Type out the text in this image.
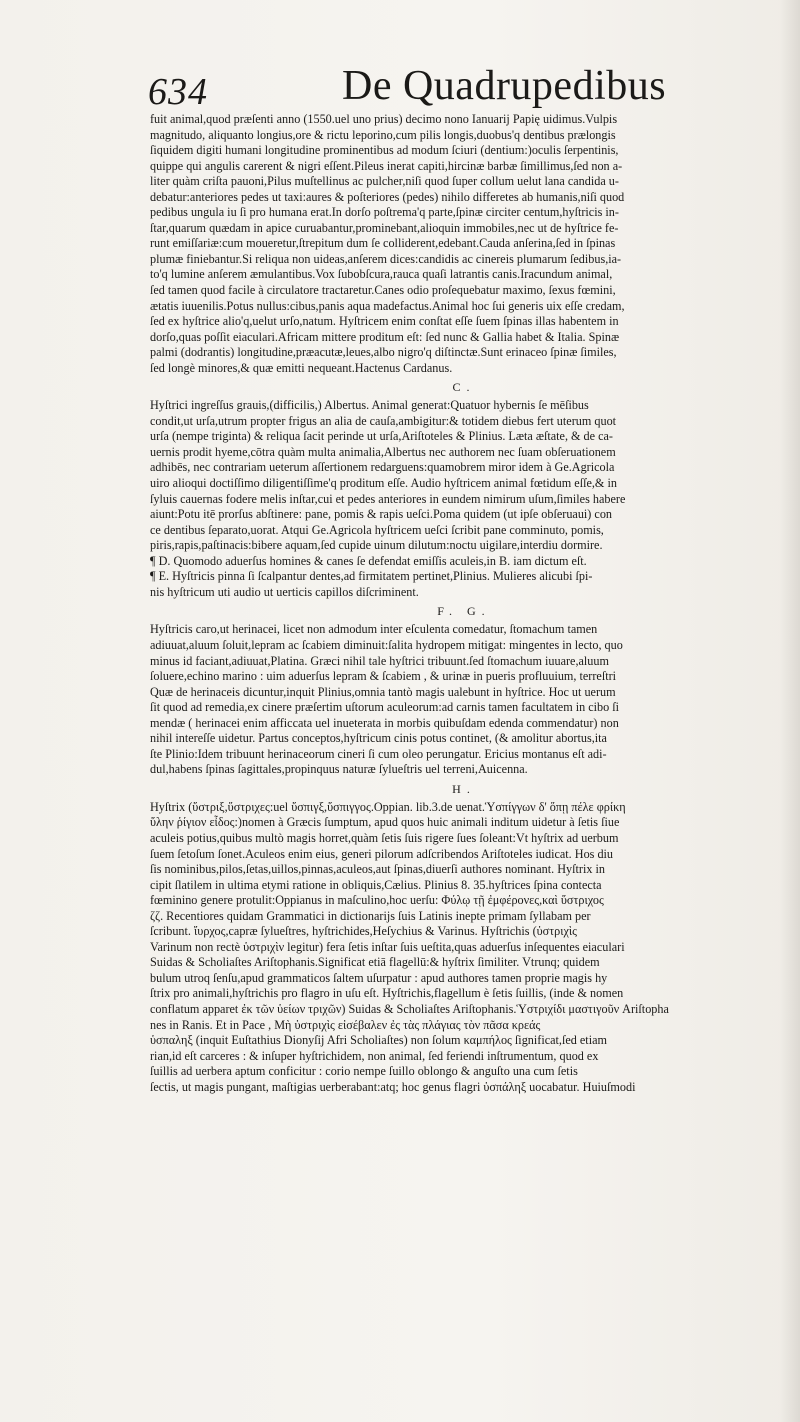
634	De Quadrupedibus
fuit animal,quod præſenti anno (1550.uel uno prius) decimo nono Ianuarij Papię uidimus.Vulpis
magnitudo, aliquanto longius,ore & rictu leporino,cum pilis longis,duobus'q dentibus prælongis
ſiquidem digiti humani longitudine prominentibus ad modum ſciuri (dentium:)oculis ſerpentinis,
quippe qui angulis carerent & nigri eſſent.Pileus inerat capiti,hircinæ barbæ ſimillimus,ſed non a-
liter quàm criſta pauoni,Pilus muſtellinus ac pulcher,niſi quod ſuper collum uelut lana candida u-
debatur:anteriores pedes ut taxi:aures & poſteriores (pedes) nihilo differetes ab humanis,niſi quod
pedibus ungula iu ſi pro humana erat.In dorſo poſtrema'q parte,ſpinæ circiter centum,hyſtricis in-
ſtar,quarum quædam in apice curuabantur,prominebant,alioquin immobiles,nec ut de hyſtrice fe-
runt emiſſariæ:cum moueretur,ſtrepitum dum ſe colliderent,edebant.Cauda anſerina,ſed in ſpinas
plumæ finiebantur.Si reliqua non uideas,anſerem dices:candidis ac cinereis plumarum ſedibus,ia-
to'q lumine anſerem æmulantibus.Vox ſubobſcura,rauca quaſi latrantis canis.Iracundum animal,
ſed tamen quod facile à circulatore tractaretur.Canes odio proſequebatur maximo, ſexus fœmini,
ætatis iuuenilis.Potus nullus:cibus,panis aqua madefactus.Animal hoc ſui generis uix eſſe credam,
ſed ex hyſtrice alio'q,uelut urſo,natum. Hyſtricem enim conſtat eſſe ſuem ſpinas illas habentem in
dorſo,quas poſſit eiaculari.Africam mittere proditum eſt: ſed nunc & Gallia habet & Italia. Spinæ
palmi (dodrantis) longitudine,præacutæ,leues,albo nigro'q diſtinctæ.Sunt erinaceo ſpinæ ſimiles,
ſed longè minores,& quæ emitti nequeant.Hactenus Cardanus.
C.
Hyſtrici ingreſſus grauis,(difficilis,) Albertus. Animal generat:Quatuor hybernis ſe mēſibus
condit,ut urſa,utrum propter frigus an alia de cauſa,ambigitur:& totidem diebus fert uterum quot
urſa (nempe triginta) & reliqua ſacit perinde ut urſa,Ariſtoteles & Plinius. Læta æſtate, & de ca-
uernis prodit hyeme,cōtra quàm multa animalia,Albertus nec authorem nec ſuam obſeruationem
adhibēs, nec contrariam ueterum aſſertionem redarguens:quamobrem miror idem à Ge.Agricola
uiro alioqui doctiſſimo diligentiſſime'q proditum eſſe. Audio hyſtricem animal fœtidum eſſe,& in
ſyluis cauernas fodere melis inſtar,cui et pedes anteriores in eundem nimirum uſum,ſimiles habere
aiunt:Potu itē prorſus abſtinere: pane, pomis & rapis ueſci.Poma quidem (ut ipſe obſeruaui) con
ce dentibus ſeparato,uorat. Atqui Ge.Agricola hyſtricem ueſci ſcribit pane comminuto, pomis,
piris,rapis,paſtinacis:bibere aquam,ſed cupide uinum dilutum:noctu uigilare,interdiu dormire.
¶ D. Quomodo aduerſus homines & canes ſe defendat emiſſis aculeis,in B. iam dictum eſt.
¶ E. Hyſtricis pinna ſi ſcalpantur dentes,ad firmitatem pertinet,Plinius. Mulieres alicubi ſpi-
nis hyſtricum uti audio ut uerticis capillos diſcriminent.
F. G.
Hyſtricis caro,ut herinacei, licet non admodum inter eſculenta comedatur, ſtomachum tamen
adiuuat,aluum ſoluit,lepram ac ſcabiem diminuit:ſalita hydropem mitigat: mingentes in lecto, quo
minus id faciant,adiuuat,Platina. Græci nihil tale hyſtrici tribuunt.ſed ſtomachum iuuare,aluum
ſoluere,echino marino : uim aduerſus lepram & ſcabiem , & urinæ in pueris profluuium, terreſtri
Quæ de herinaceis dicuntur,inquit Plinius,omnia tantò magis ualebunt in hyſtrice. Hoc ut uerum
ſit quod ad remedia,ex cinere præſertim uſtorum aculeorum:ad carnis tamen facultatem in cibo ſi
mendæ ( herinacei enim afficcata uel inueterata in morbis quibuſdam edenda commendatur) non
nihil intereſſe uidetur. Partus conceptos,hyſtricum cinis potus continet, (& amolitur abortus,ita
ſte Plinio:Idem tribuunt herinaceorum cineri ſi cum oleo perungatur. Ericius montanus eſt adi-
dul,habens ſpinas ſagittales,propinquus naturæ ſylueſtris uel terreni,Auicenna.
H.
Hyſtrix (ὕστριξ,ὕστριχες:uel ὕσπιγξ,ὕσπιγγος.Oppian. lib.3.de uenat.Ὑσπίγγων δ' ὅπῃ πέλε φρίκη
ὕλην ῥίγιον εἶδος:)nomen à Græcis ſumptum, apud quos huic animali inditum uidetur à ſetis ſiue
aculeis potius,quibus multò magis horret,quàm ſetis ſuis rigere ſues ſoleant:Vt hyſtrix ad uerbum
ſuem ſetoſum ſonet.Aculeos enim eius, generi pilorum adſcribendos Ariſtoteles iudicat. Hos diu
ſis nominibus,pilos,ſetas,uillos,pinnas,aculeos,aut ſpinas,diuerſi authores nominant. Hyſtrix in
cipit ſlatilem in ultima etymi ratione in obliquis,Cælius. Plinius 8. 35.hyſtrices ſpina contecta
fœminino genere protulit:Oppianus in maſculino,hoc uerſu: Φύλῳ τῇ ἐμφέρονες,καὶ ὕστριχος
ζζ. Recentiores quidam Grammatici in dictionarijs ſuis Latinis inepte primam ſyllabam per
ſcribunt. ἴυρχος,capræ ſylueſtres, hyſtrichides,Heſychius & Varinus. Hyſtrichis (ὑστριχὶς
Varinum non rectè ὑστριχὶν legitur) fera ſetis inſtar ſuis ueſtita,quas aduerſus inſequentes eiaculari
Suidas & Scholiaſtes Ariſtophanis.Significat etiā flagellū:& hyſtrix ſimiliter. Vtrunq; quidem
bulum utroq ſenſu,apud grammaticos ſaltem uſurpatur : apud authores tamen proprie magis hy
ſtrix pro animali,hyſtrichis pro flagro in uſu eſt. Hyſtrichis,flagellum è ſetis ſuillis, (inde & nomen
conflatum apparet ἐκ τῶν ὑείων τριχῶν) Suidas & Scholiaſtes Ariſtophanis.Ὑστριχίδι μαστιγοῦν Ariſtopha
nes in Ranis. Et in Pace , Μὴ ὑστριχὶς εἰσέβαλεν ἐς τὰς πλάγιας τὸν πᾶσα κρεάς
ὑσπαληξ (inquit Euſtathius Dionyſij Afri Scholiaſtes) non ſolum καμπήλος ſignificat,ſed etiam
rian,id eſt carceres : & inſuper hyſtrichidem, non animal, ſed feriendi inſtrumentum, quod ex
ſuillis ad uerbera aptum conficitur : corio nempe ſuillo oblongo & anguſto una cum ſetis
ſectis, ut magis pungant, maſtigias uerberabant:atq; hoc genus flagri ὑσπάληξ uocabatur. Huiuſmodi
